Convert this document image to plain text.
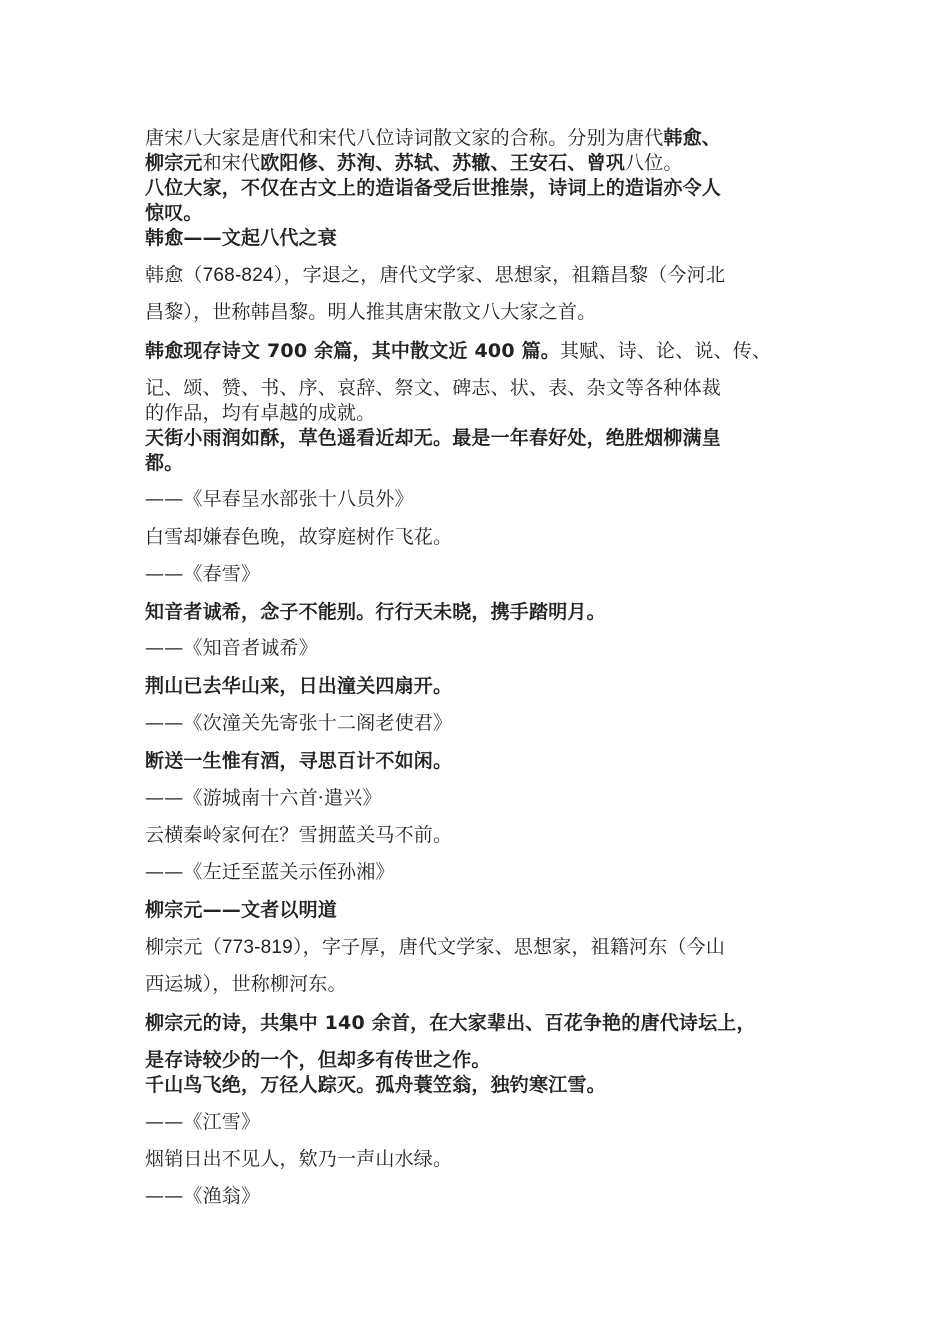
唐宋八大家是唐代和宋代八位诗词散文家的合称。分别为唐代韩愈、
柳宗元和宋代欧阳修、苏洵、苏轼、苏辙、王安石、曾巩八位。
八位大家，不仅在古文上的造诣备受后世推崇，诗词上的造诣亦令人
惊叹。
韩愈——文起八代之衰
韩愈（768-824），字退之，唐代文学家、思想家，祖籍昌黎（今河北
昌黎），世称韩昌黎。明人推其唐宋散文八大家之首。
韩愈现存诗文 700 余篇，其中散文近 400 篇。其赋、诗、论、说、传、
记、颂、赞、书、序、哀辞、祭文、碑志、状、表、杂文等各种体裁
的作品，均有卓越的成就。
天街小雨润如酥，草色遥看近却无。最是一年春好处，绝胜烟柳满皇
都。
——《早春呈水部张十八员外》
白雪却嫌春色晚，故穿庭树作飞花。
——《春雪》
知音者诚希，念子不能别。行行天未晓，携手踏明月。
——《知音者诚希》
荆山已去华山来，日出潼关四扇开。
——《次潼关先寄张十二阁老使君》
断送一生惟有酒，寻思百计不如闲。
——《游城南十六首·遣兴》
云横秦岭家何在？雪拥蓝关马不前。
——《左迁至蓝关示侄孙湘》
柳宗元——文者以明道
柳宗元（773-819），字子厚，唐代文学家、思想家，祖籍河东（今山
西运城），世称柳河东。
柳宗元的诗，共集中 140 余首，在大家辈出、百花争艳的唐代诗坛上，
是存诗较少的一个，但却多有传世之作。
千山鸟飞绝，万径人踪灭。孤舟蓑笠翁，独钓寒江雪。
——《江雪》
烟销日出不见人，欸乃一声山水绿。
——《渔翁》
